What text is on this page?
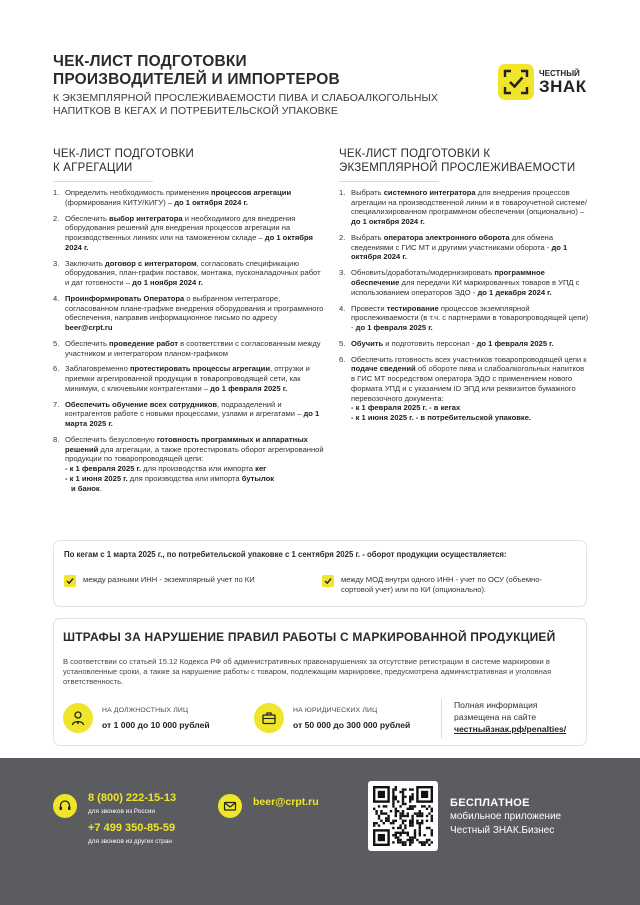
ЧЕК-ЛИСТ ПОДГОТОВКИ
ПРОИЗВОДИТЕЛЕЙ И ИМПОРТЕРОВ
К ЭКЗЕМПЛЯРНОЙ ПРОСЛЕЖИВАЕМОСТИ ПИВА И СЛАБОАЛКОГОЛЬНЫХ
НАПИТКОВ В КЕГАХ И ПОТРЕБИТЕЛЬСКОЙ УПАКОВКЕ
ЧЕСТНЫЙ
ЗНАК
ЧЕК-ЛИСТ ПОДГОТОВКИ
К АГРЕГАЦИИ
1. Определить необходимость применения процессов агрегации (формирования КИТУ/КИГУ) – до 1 октября 2024 г.
2. Обеспечить выбор интегратора и необходимого для внедрения оборудования решений для внедрения процессов агрегации на производственных линиях или на таможенном складе – до 1 октября 2024 г.
3. Заключить договор с интегратором, согласовать спецификацию оборудования, план-график поставок, монтажа, пусконаладочных работ и дат готовности – до 1 ноября 2024 г.
4. Проинформировать Оператора о выбранном интеграторе, согласованном плане-графике внедрения оборудования и программного обеспечения, направив информационное письмо по адресу beer@crpt.ru
5. Обеспечить проведение работ в соответствии с согласованным между участником и интегратором планом-графиком
6. Заблаговременно протестировать процессы агрегации, отгрузки и приемки агрегированной продукции в товаропроводящей сети, как минимум, с ключевыми контрагентами – до 1 февраля 2025 г.
7. Обеспечить обучение всех сотрудников, подразделений и контрагентов работе с новыми процессами, узлами и агрегатами – до 1 марта 2025 г.
8. Обеспечить безусловную готовность программных и аппаратных решений для агрегации, а также протестировать оборот агрегированной продукции по товаропроводящей цепи:
- к 1 февраля 2025 г. для производства или импорта кег
- к 1 июня 2025 г. для производства или импорта бутылок
и банок.
ЧЕК-ЛИСТ ПОДГОТОВКИ К
ЭКЗЕМПЛЯРНОЙ ПРОСЛЕЖИВАЕМОСТИ
1. Выбрать системного интегратора для внедрения процессов агрегации на производственной линии и в товароучетной системе/специализированном программном обеспечении (опционально) – до 1 октября 2024 г.
2. Выбрать оператора электронного оборота для обмена сведениями с ГИС МТ и другими участниками оборота - до 1 октября 2024 г.
3. Обновить/доработать/модернизировать программное обеспечение для передачи КИ маркированных товаров в УПД с использованием операторов ЭДО - до 1 декабря 2024 г.
4. Провести тестирование процессов экземплярной прослеживаемости (в т.ч. с партнерами в товаропроводящей цепи) - до 1 февраля 2025 г.
5. Обучить и подготовить персонал - до 1 февраля 2025 г.
6. Обеспечить готовность всех участников товаропроводящей цепи к подаче сведений об обороте пива и слабоалкогольных напитков в ГИС МТ посредством оператора ЭДО с применением нового формата УПД и с указанием ID ЭПД или реквизитов бумажного перевозочного документа:
- к 1 февраля 2025 г. - в кегах
- к 1 июня 2025 г. - в потребительской упаковке.
По кегам с 1 марта 2025 г., по потребительской упаковке с 1 сентября 2025 г. - оборот продукции осуществляется:
между разными ИНН - экземплярный учет по КИ	между МОД внутри одного ИНН - учет по ОСУ (объемно-
сортовой учет) или по КИ (опционально).
ШТРАФЫ ЗА НАРУШЕНИЕ ПРАВИЛ РАБОТЫ С МАРКИРОВАННОЙ ПРОДУКЦИЕЙ
В соответствии со статьей 15.12 Кодекса РФ об административных правонарушениях за отсутствие регистрации в системе маркировки в установленные сроки, а также за нарушение работы с товаром, подлежащим маркировке, предусмотрена административная и уголовная ответственность.
НА ДОЛЖНОСТНЫХ ЛИЦ
от 1 000 до 10 000 рублей
НА ЮРИДИЧЕСКИХ ЛИЦ
от 50 000 до 300 000 рублей
Полная информация
размещена на сайте
честныйзнак.рф/penalties/
8 (800) 222-15-13
для звонков из России
+7 499 350-85-59
для звонков из других стран
beer@crpt.ru	БЕСПЛАТНОЕ
мобильное приложение
Честный ЗНАК.Бизнес
